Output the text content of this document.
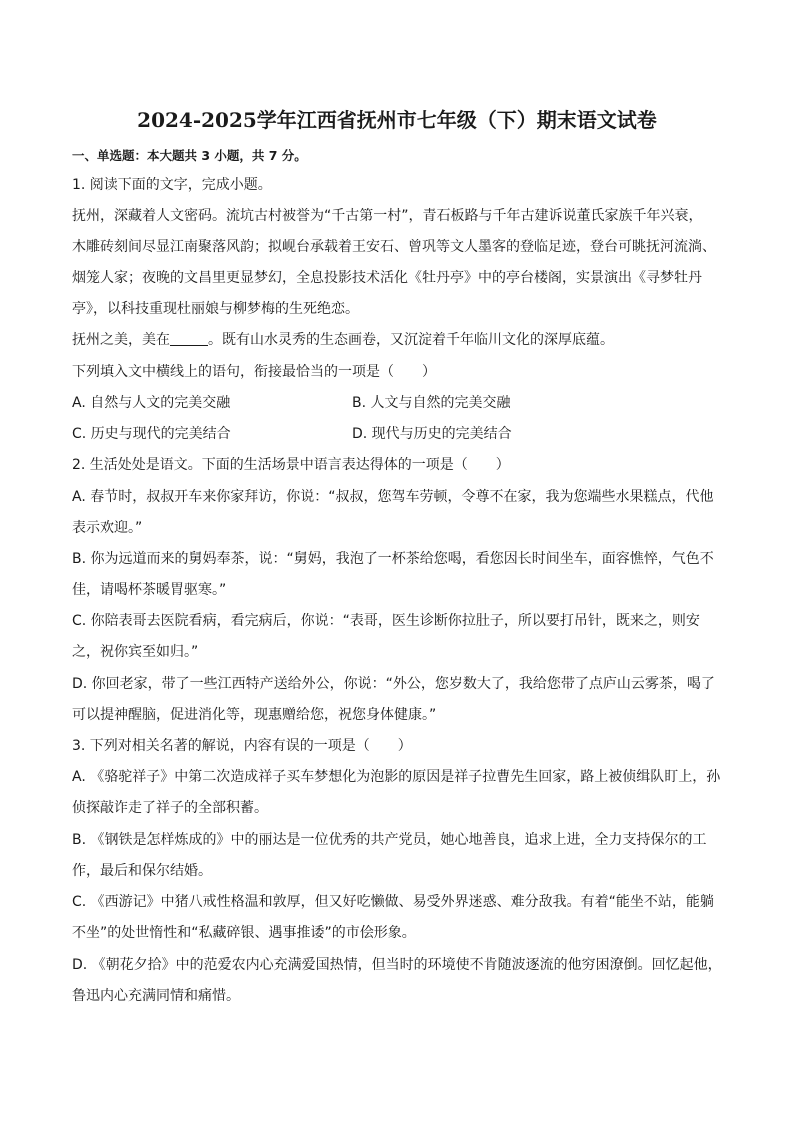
2024-2025学年江西省抚州市七年级（下）期末语文试卷
一、单选题：本大题共 3 小题，共 7 分。
1. 阅读下面的文字，完成小题。
抚州，深藏着人文密码。流坑古村被誉为“千古第一村”，青石板路与千年古建诉说董氏家族千年兴衰，
木雕砖刻间尽显江南聚落风韵；拟岘台承载着王安石、曾巩等文人墨客的登临足迹，登台可眺抚河流淌、
烟笼人家；夜晚的文昌里更显梦幻，全息投影技术活化《牡丹亭》中的亭台楼阁，实景演出《寻梦牡丹
亭》，以科技重现杜丽娘与柳梦梅的生死绝恋。
抚州之美，美在	。既有山水灵秀的生态画卷，又沉淀着千年临川文化的深厚底蕴。
下列填入文中横线上的语句，衔接最恰当的一项是（　　）
A. 自然与人文的完美交融	B. 人文与自然的完美交融
C. 历史与现代的完美结合	D. 现代与历史的完美结合
2. 生活处处是语文。下面的生活场景中语言表达得体的一项是（　　）
A. 春节时，叔叔开车来你家拜访，你说：“叔叔，您驾车劳顿，令尊不在家，我为您端些水果糕点，代他
表示欢迎。”
B. 你为远道而来的舅妈奉茶，说：“舅妈，我泡了一杯茶给您喝，看您因长时间坐车，面容憔悴，气色不
佳，请喝杯茶暖胃驱寒。”
C. 你陪表哥去医院看病，看完病后，你说：“表哥，医生诊断你拉肚子，所以要打吊针，既来之，则安
之，祝你宾至如归。”
D. 你回老家，带了一些江西特产送给外公，你说：“外公，您岁数大了，我给您带了点庐山云雾茶，喝了
可以提神醒脑，促进消化等，现惠赠给您，祝您身体健康。”
3. 下列对相关名著的解说，内容有误的一项是（　　）
A. 《骆驼祥子》中第二次造成祥子买车梦想化为泡影的原因是祥子拉曹先生回家，路上被侦缉队盯上，孙
侦探敲诈走了祥子的全部积蓄。
B. 《钢铁是怎样炼成的》中的丽达是一位优秀的共产党员，她心地善良，追求上进，全力支持保尔的工
作，最后和保尔结婚。
C. 《西游记》中猪八戒性格温和敦厚，但又好吃懒做、易受外界迷惑、难分敌我。有着“能坐不站，能躺
不坐”的处世惰性和“私藏碎银、遇事推诿”的市侩形象。
D. 《朝花夕拾》中的范爱农内心充满爱国热情，但当时的环境使不肯随波逐流的他穷困潦倒。回忆起他，
鲁迅内心充满同情和痛惜。
